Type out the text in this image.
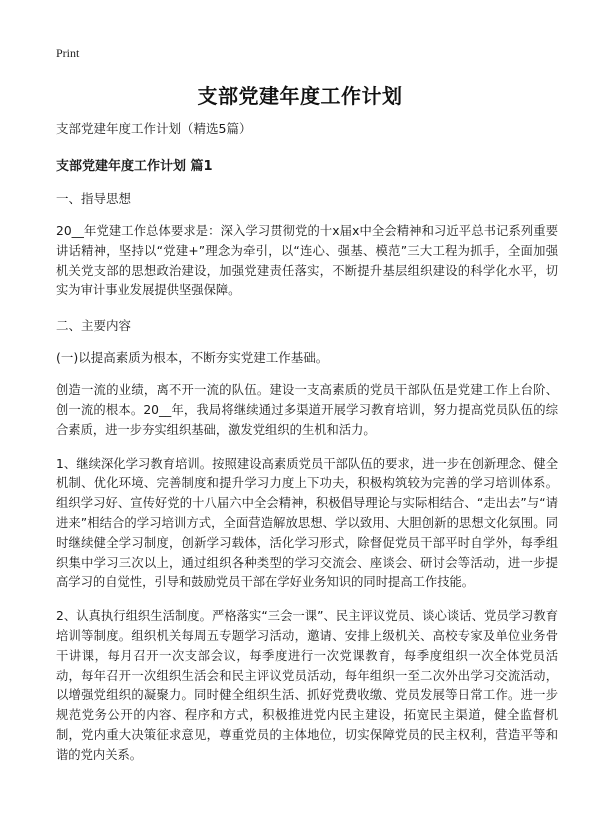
Print
支部党建年度工作计划

支部党建年度工作计划（精选5篇）

支部党建年度工作计划 篇1

一、指导思想

20__年党建工作总体要求是：深入学习贯彻党的十x届x中全会精神和习近平总书记系列重要讲话精神，坚持以“党建+”理念为牵引，以“连心、强基、模范”三大工程为抓手，全面加强机关党支部的思想政治建设，加强党建责任落实，不断提升基层组织建设的科学化水平，切实为审计事业发展提供坚强保障。

二、主要内容

(一)以提高素质为根本，不断夯实党建工作基础。

创造一流的业绩，离不开一流的队伍。建设一支高素质的党员干部队伍是党建工作上台阶、创一流的根本。20__年，我局将继续通过多渠道开展学习教育培训，努力提高党员队伍的综合素质，进一步夯实组织基础，激发党组织的生机和活力。

1、继续深化学习教育培训。按照建设高素质党员干部队伍的要求，进一步在创新理念、健全机制、优化环境、完善制度和提升学习力度上下功夫，积极构筑较为完善的学习培训体系。组织学习好、宣传好党的十八届六中全会精神，积极倡导理论与实际相结合、“走出去”与“请进来”相结合的学习培训方式，全面营造解放思想、学以致用、大胆创新的思想文化氛围。同时继续健全学习制度，创新学习载体，活化学习形式，除督促党员干部平时自学外，每季组织集中学习三次以上，通过组织各种类型的学习交流会、座谈会、研讨会等活动，进一步提高学习的自觉性，引导和鼓励党员干部在学好业务知识的同时提高工作技能。

2、认真执行组织生活制度。严格落实“三会一课”、民主评议党员、谈心谈话、党员学习教育培训等制度。组织机关每周五专题学习活动，邀请、安排上级机关、高校专家及单位业务骨干讲课，每月召开一次支部会议，每季度进行一次党课教育，每季度组织一次全体党员活动，每年召开一次组织生活会和民主评议党员活动，每年组织一至二次外出学习交流活动，以增强党组织的凝聚力。同时健全组织生活、抓好党费收缴、党员发展等日常工作。进一步规范党务公开的内容、程序和方式，积极推进党内民主建设，拓宽民主渠道，健全监督机制，党内重大决策征求意见，尊重党员的主体地位，切实保障党员的民主权利，营造平等和谐的党内关系。
